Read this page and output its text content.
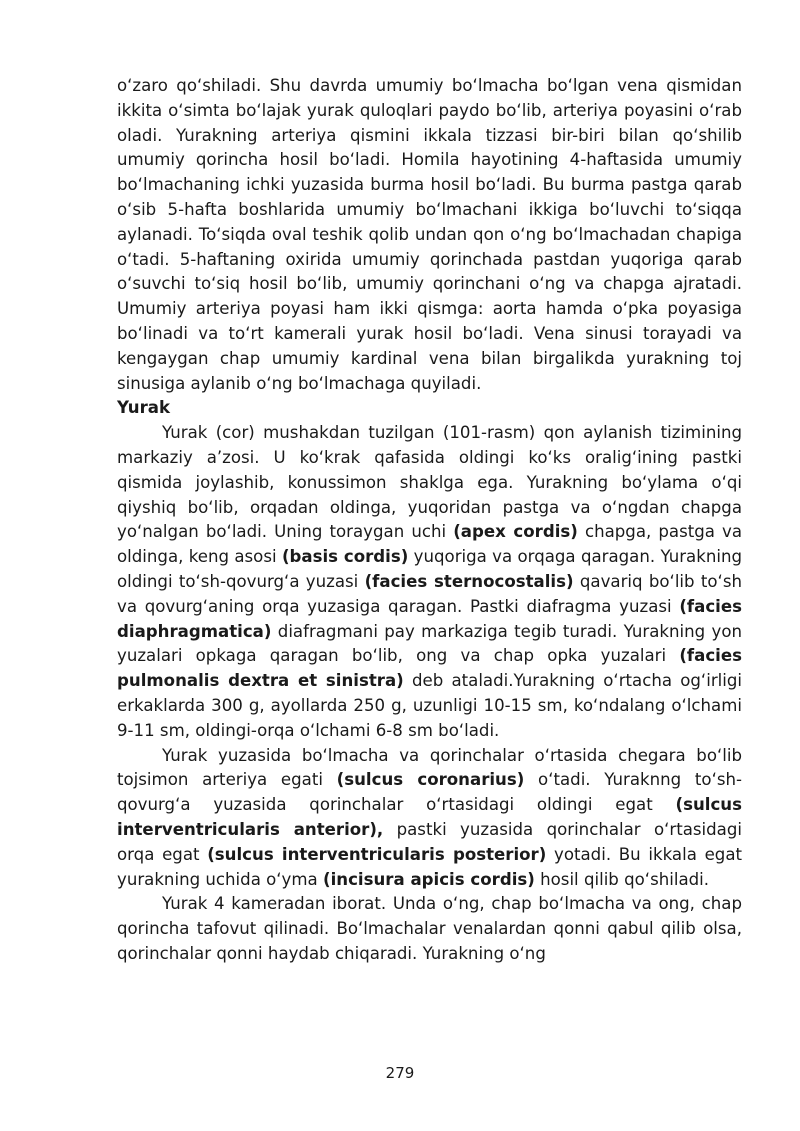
o‘zaro qo‘shiladi. Shu davrda umumiy bo‘lmacha bo‘lgan vena qismidan ikkita o‘simta bo‘lajak yurak quloqlari paydo bo‘lib, arteriya poyasini o‘rab oladi. Yurakning arteriya qismini ikkala tizzasi bir-biri bilan qo‘shilib umumiy qorincha hosil bo‘ladi. Homila hayotining 4-haftasida umumiy bo‘lmachaning ichki yuzasida burma hosil bo‘ladi. Bu burma pastga qarab o‘sib 5-hafta boshlarida umumiy bo‘lmachani ikkiga bo‘luvchi to‘siqqa aylanadi. To‘siqda oval teshik qolib undan qon o‘ng bo‘lmachadan chapiga o‘tadi. 5-haftaning oxirida umumiy qorinchada pastdan yuqoriga qarab o‘suvchi to‘siq hosil bo‘lib, umumiy qorinchani o‘ng va chapga ajratadi. Umumiy arteriya poyasi ham ikki qismga: aorta hamda o‘pka poyasiga bo‘linadi va to‘rt kamerali yurak hosil bo‘ladi. Vena sinusi torayadi va kengaygan chap umumiy kardinal vena bilan birgalikda yurakning toj sinusiga aylanib o‘ng bo‘lmachaga quyiladi.

Yurak

Yurak (cor) mushakdan tuzilgan (101-rasm) qon aylanish tizimining markaziy a’zosi. U ko‘krak qafasida oldingi ko‘ks oralig‘ining pastki qismida joylashib, konussimon shaklga ega. Yurakning bo‘ylama o‘qi qiyshiq bo‘lib, orqadan oldinga, yuqoridan pastga va o‘ngdan chapga yo‘nalgan bo‘ladi. Uning toraygan uchi (apex cordis) chapga, pastga va oldinga, keng asosi (basis cordis) yuqoriga va orqaga qaragan. Yurakning oldingi to‘sh-qovurg‘a yuzasi (facies sternocostalis) qavariq bo‘lib to‘sh va qovurg‘aning orqa yuzasiga qaragan. Pastki diafragma yuzasi (facies diaphragmatica) diafragmani pay markaziga tegib turadi. Yurakning yon yuzalari opkaga qaragan bo‘lib, ong va chap opka yuzalari (facies pulmonalis dextra et sinistra) deb ataladi.Yurakning o‘rtacha og‘irligi erkaklarda 300 g, ayollarda 250 g, uzunligi 10-15 sm, ko‘ndalang o‘lchami 9-11 sm, oldingi-orqa o‘lchami 6-8 sm bo‘ladi.

Yurak yuzasida bo‘lmacha va qorinchalar o‘rtasida chegara bo‘lib tojsimon arteriya egati (sulcus coronarius) o‘tadi. Yuraknng to‘sh-qovurg‘a yuzasida qorinchalar o‘rtasidagi oldingi egat (sulcus interventricularis anterior), pastki yuzasida qorinchalar o‘rtasidagi orqa egat (sulcus interventricularis posterior) yotadi. Bu ikkala egat yurakning uchida o‘yma (incisura apicis cordis) hosil qilib qo‘shiladi.

Yurak 4 kameradan iborat. Unda o‘ng, chap bo‘lmacha va ong, chap qorincha tafovut qilinadi. Bo‘lmachalar venalardan qonni qabul qilib olsa, qorinchalar qonni haydab chiqaradi. Yurakning o‘ng

279
